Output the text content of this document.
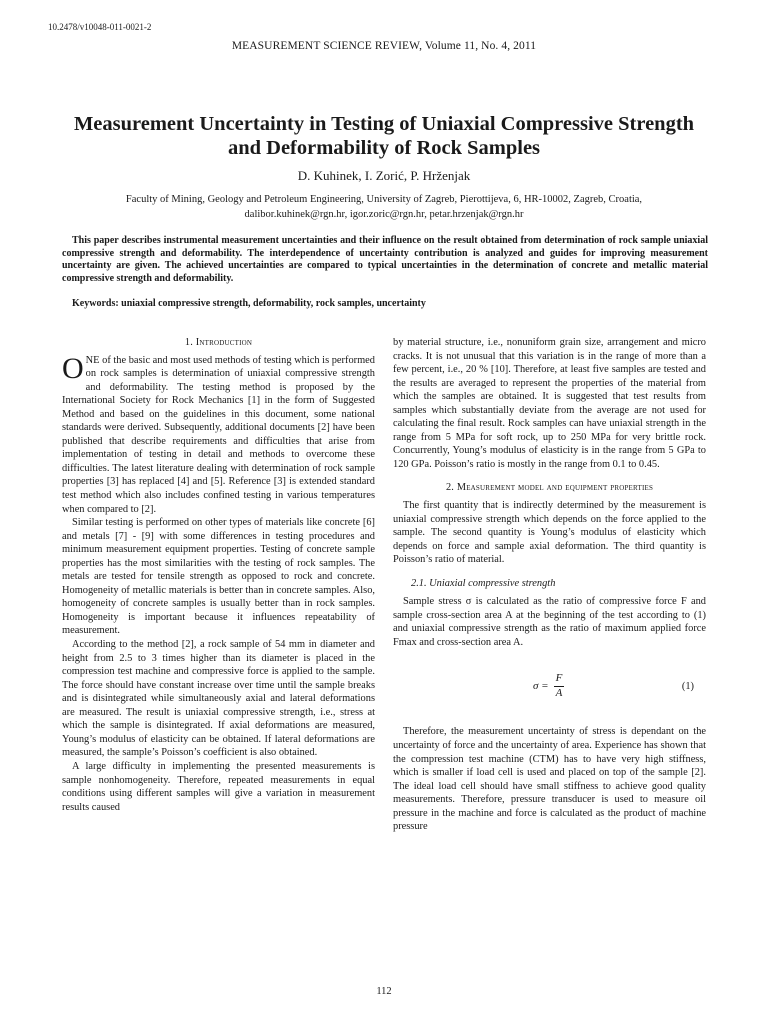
10.2478/v10048-011-0021-2
MEASUREMENT SCIENCE REVIEW, Volume 11, No. 4, 2011
Measurement Uncertainty in Testing of Uniaxial Compressive Strength and Deformability of Rock Samples
D. Kuhinek, I. Zorić, P. Hrženjak
Faculty of Mining, Geology and Petroleum Engineering, University of Zagreb, Pierottijeva, 6, HR-10002, Zagreb, Croatia,
dalibor.kuhinek@rgn.hr, igor.zoric@rgn.hr, petar.hrzenjak@rgn.hr
This paper describes instrumental measurement uncertainties and their influence on the result obtained from determination of rock sample uniaxial compressive strength and deformability. The interdependence of uncertainty contribution is analyzed and guides for improving measurement uncertainty are given. The achieved uncertainties are compared to typical uncertainties in the determination of concrete and metallic material compressive strength and deformability.
Keywords: uniaxial compressive strength, deformability, rock samples, uncertainty
1. Introduction

ONE of the basic and most used methods of testing which is performed on rock samples is determination of uniaxial compressive strength and deformability. The testing method is proposed by the International Society for Rock Mechanics [1] in the form of Suggested Method and based on the guidelines in this document, some national standards were derived. Subsequently, additional documents [2] have been published that describe requirements and difficulties that arise from implementation of testing in detail and methods to overcome these difficulties. The latest literature dealing with determination of rock sample properties [3] has replaced [4] and [5]. Reference [3] is extended standard test method which also includes confined testing in various temperatures when compared to [2].

Similar testing is performed on other types of materials like concrete [6] and metals [7] - [9] with some differences in testing procedures and minimum measurement equipment properties. Testing of concrete sample properties has the most similarities with the testing of rock samples. The metals are tested for tensile strength as opposed to rock and concrete. Homogeneity of metallic materials is better than in concrete samples. Also, homogeneity of concrete samples is usually better than in rock samples. Homogeneity is important because it influences repeatability of measurement.

According to the method [2], a rock sample of 54 mm in diameter and height from 2.5 to 3 times higher than its diameter is placed in the compression test machine and compressive force is applied to the sample. The force should have constant increase over time until the sample breaks and is disintegrated while simultaneously axial and lateral deformations are measured. The result is uniaxial compressive strength, i.e., stress at which the sample is disintegrated. If axial deformations are measured, Young’s modulus of elasticity can be obtained. If lateral deformations are measured, the sample’s Poisson’s coefficient is also obtained.

A large difficulty in implementing the presented measurements is sample nonhomogeneity. Therefore, repeated measurements in equal conditions using different samples will give a variation in measurement results caused

by material structure, i.e., nonuniform grain size, arrangement and micro cracks. It is not unusual that this variation is in the range of more than a few percent, i.e., 20 % [10]. Therefore, at least five samples are tested and the results are averaged to represent the properties of the material from which the samples are obtained. It is suggested that test results from samples which substantially deviate from the average are not used for calculating the final result. Rock samples can have uniaxial strength in the range from 5 MPa for soft rock, up to 250 MPa for very brittle rock. Concurrently, Young’s modulus of elasticity is in the range from 5 GPa to 120 GPa. Poisson’s ratio is mostly in the range from 0.1 to 0.45.

2. Measurement model and equipment properties

The first quantity that is indirectly determined by the measurement is uniaxial compressive strength which depends on the force applied to the sample. The second quantity is Young’s modulus of elasticity which depends on force and sample axial deformation. The third quantity is Poisson’s ratio of material.

2.1. Uniaxial compressive strength

Sample stress σ is calculated as the ratio of compressive force F and sample cross-section area A at the beginning of the test according to (1) and uniaxial compressive strength as the ratio of maximum applied force Fmax and cross-section area A.

$\sigma = \frac{F}{A}$	(1)

Therefore, the measurement uncertainty of stress is dependant on the uncertainty of force and the uncertainty of area. Experience has shown that the compression test machine (CTM) has to have very high stiffness, which is smaller if load cell is used and placed on top of the sample [2]. The ideal load cell should have small stiffness to achieve good quality measurements. Therefore, pressure transducer is used to measure oil pressure in the machine and force is calculated as the product of machine pressure

112
